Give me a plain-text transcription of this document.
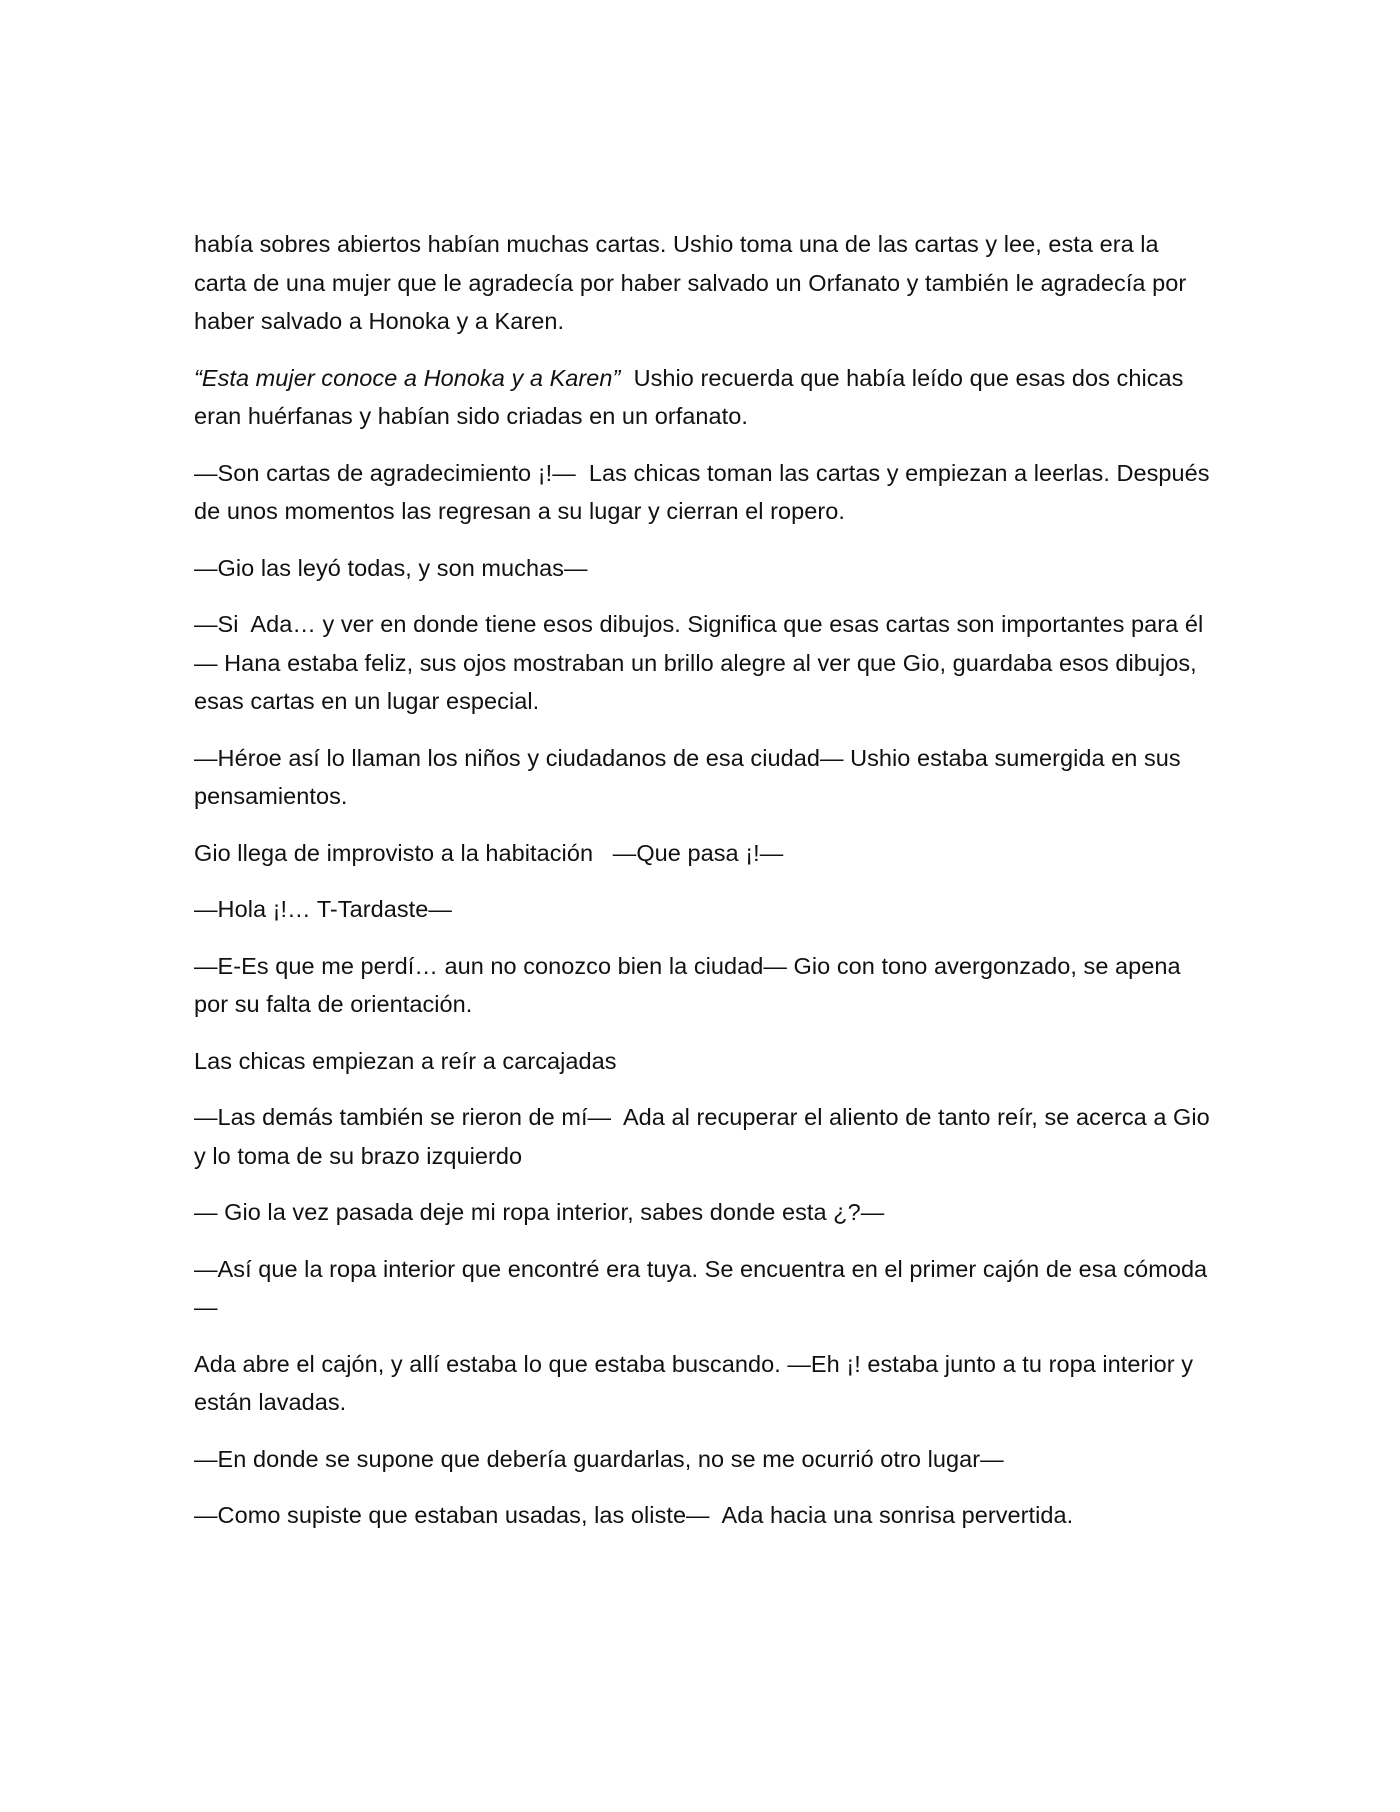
había sobres abiertos habían muchas cartas. Ushio toma una de las cartas y lee, esta era la carta de una mujer que le agradecía por haber salvado un Orfanato y también le agradecía por haber salvado a Honoka y a Karen.

“Esta mujer conoce a Honoka y a Karen”  Ushio recuerda que había leído que esas dos chicas eran huérfanas y habían sido criadas en un orfanato.

—Son cartas de agradecimiento ¡!—  Las chicas toman las cartas y empiezan a leerlas. Después de unos momentos las regresan a su lugar y cierran el ropero.

—Gio las leyó todas, y son muchas—

—Si  Ada… y ver en donde tiene esos dibujos. Significa que esas cartas son importantes para él— Hana estaba feliz, sus ojos mostraban un brillo alegre al ver que Gio, guardaba esos dibujos, esas cartas en un lugar especial.

—Héroe así lo llaman los niños y ciudadanos de esa ciudad— Ushio estaba sumergida en sus pensamientos.

Gio llega de improvisto a la habitación   —Que pasa ¡!—

—Hola ¡!… T-Tardaste—

—E-Es que me perdí… aun no conozco bien la ciudad— Gio con tono avergonzado, se apena por su falta de orientación.

Las chicas empiezan a reír a carcajadas

—Las demás también se rieron de mí—  Ada al recuperar el aliento de tanto reír, se acerca a Gio y lo toma de su brazo izquierdo

— Gio la vez pasada deje mi ropa interior, sabes donde esta ¿?—

—Así que la ropa interior que encontré era tuya. Se encuentra en el primer cajón de esa cómoda—

Ada abre el cajón, y allí estaba lo que estaba buscando. —Eh ¡! estaba junto a tu ropa interior y están lavadas.

—En donde se supone que debería guardarlas, no se me ocurrió otro lugar—

—Como supiste que estaban usadas, las oliste—  Ada hacia una sonrisa pervertida.
